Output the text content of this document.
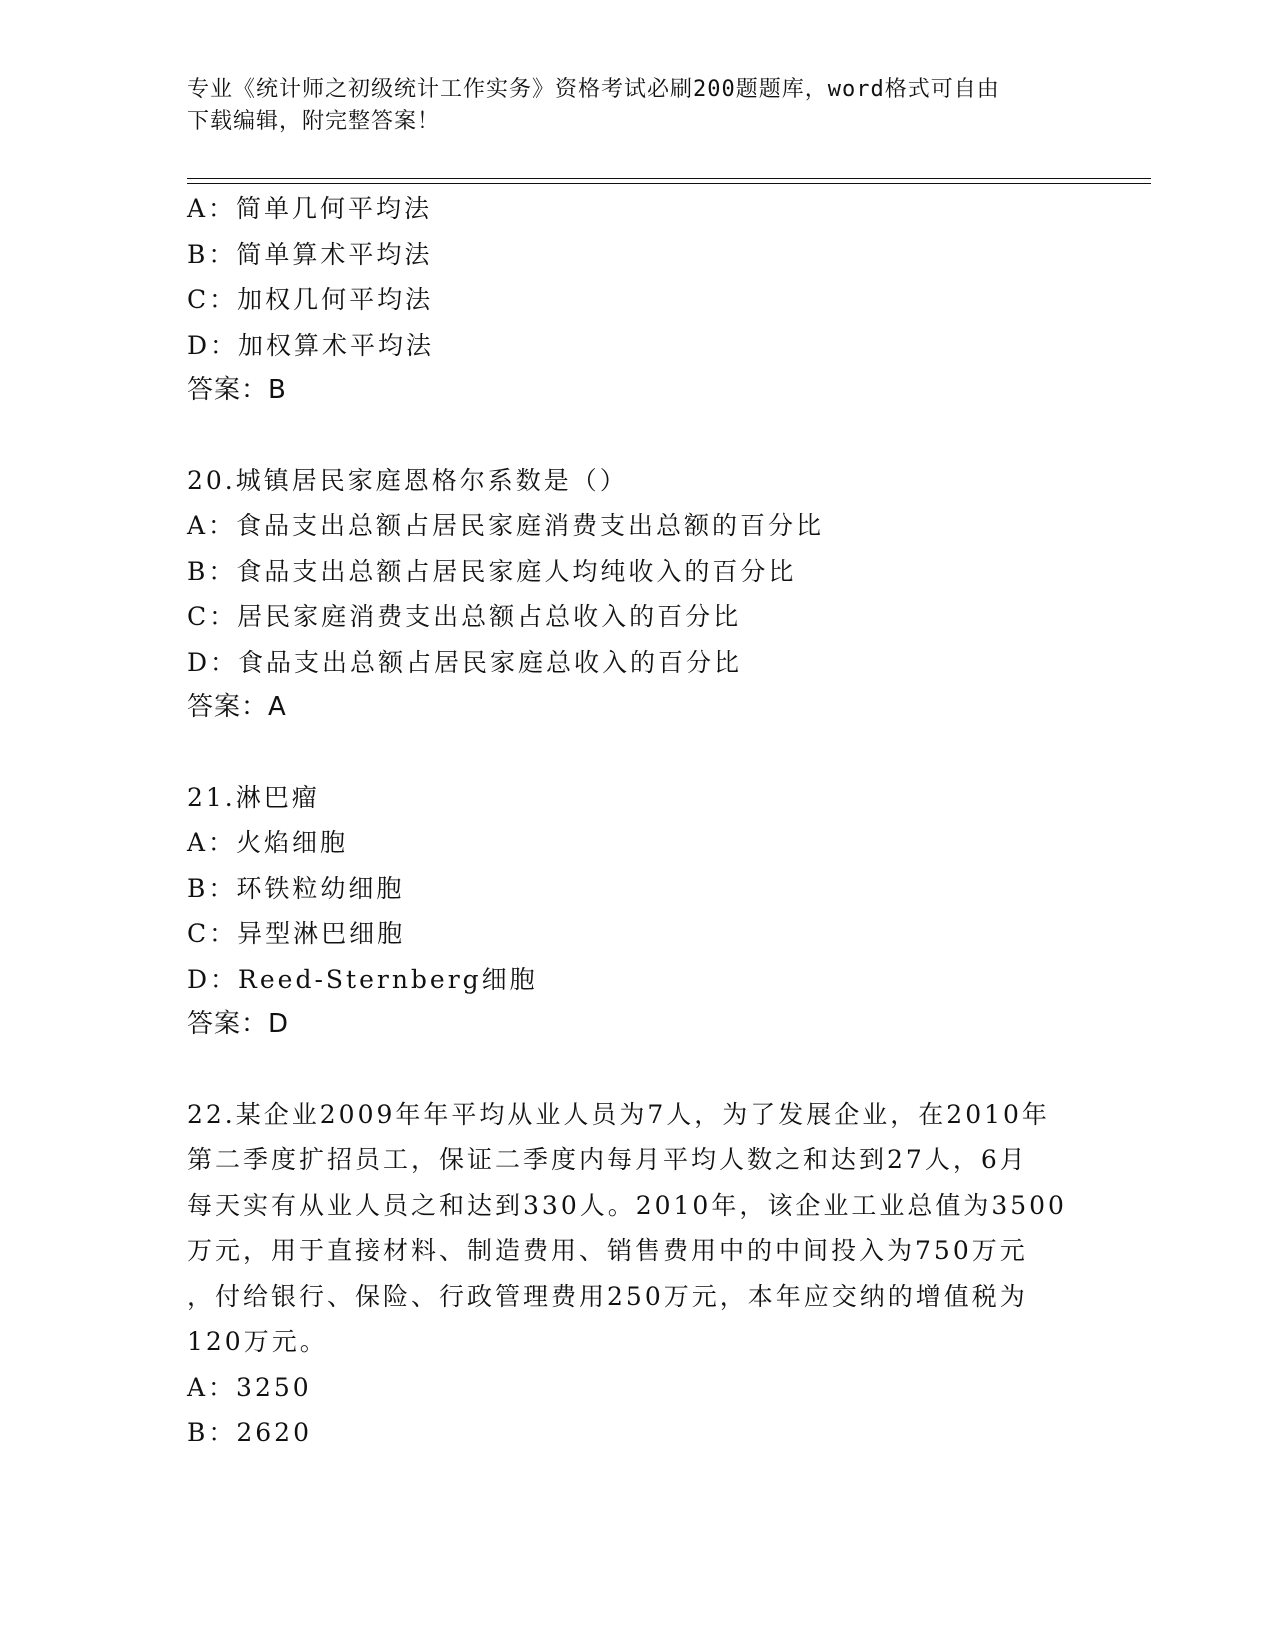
专业《统计师之初级统计工作实务》资格考试必刷200题题库，word格式可自由
下载编辑，附完整答案！
A：简单几何平均法
B：简单算术平均法
C：加权几何平均法
D：加权算术平均法
答案：B
20.城镇居民家庭恩格尔系数是（）
A：食品支出总额占居民家庭消费支出总额的百分比
B：食品支出总额占居民家庭人均纯收入的百分比
C：居民家庭消费支出总额占总收入的百分比
D：食品支出总额占居民家庭总收入的百分比
答案：A
21.淋巴瘤
A：火焰细胞
B：环铁粒幼细胞
C：异型淋巴细胞
D：Reed-Sternberg细胞
答案：D
22.某企业2009年年平均从业人员为7人，为了发展企业，在2010年
第二季度扩招员工，保证二季度内每月平均人数之和达到27人，6月
每天实有从业人员之和达到330人。2010年，该企业工业总值为3500
万元，用于直接材料、制造费用、销售费用中的中间投入为750万元
，付给银行、保险、行政管理费用250万元，本年应交纳的增值税为
120万元。
A：3250
B：2620
